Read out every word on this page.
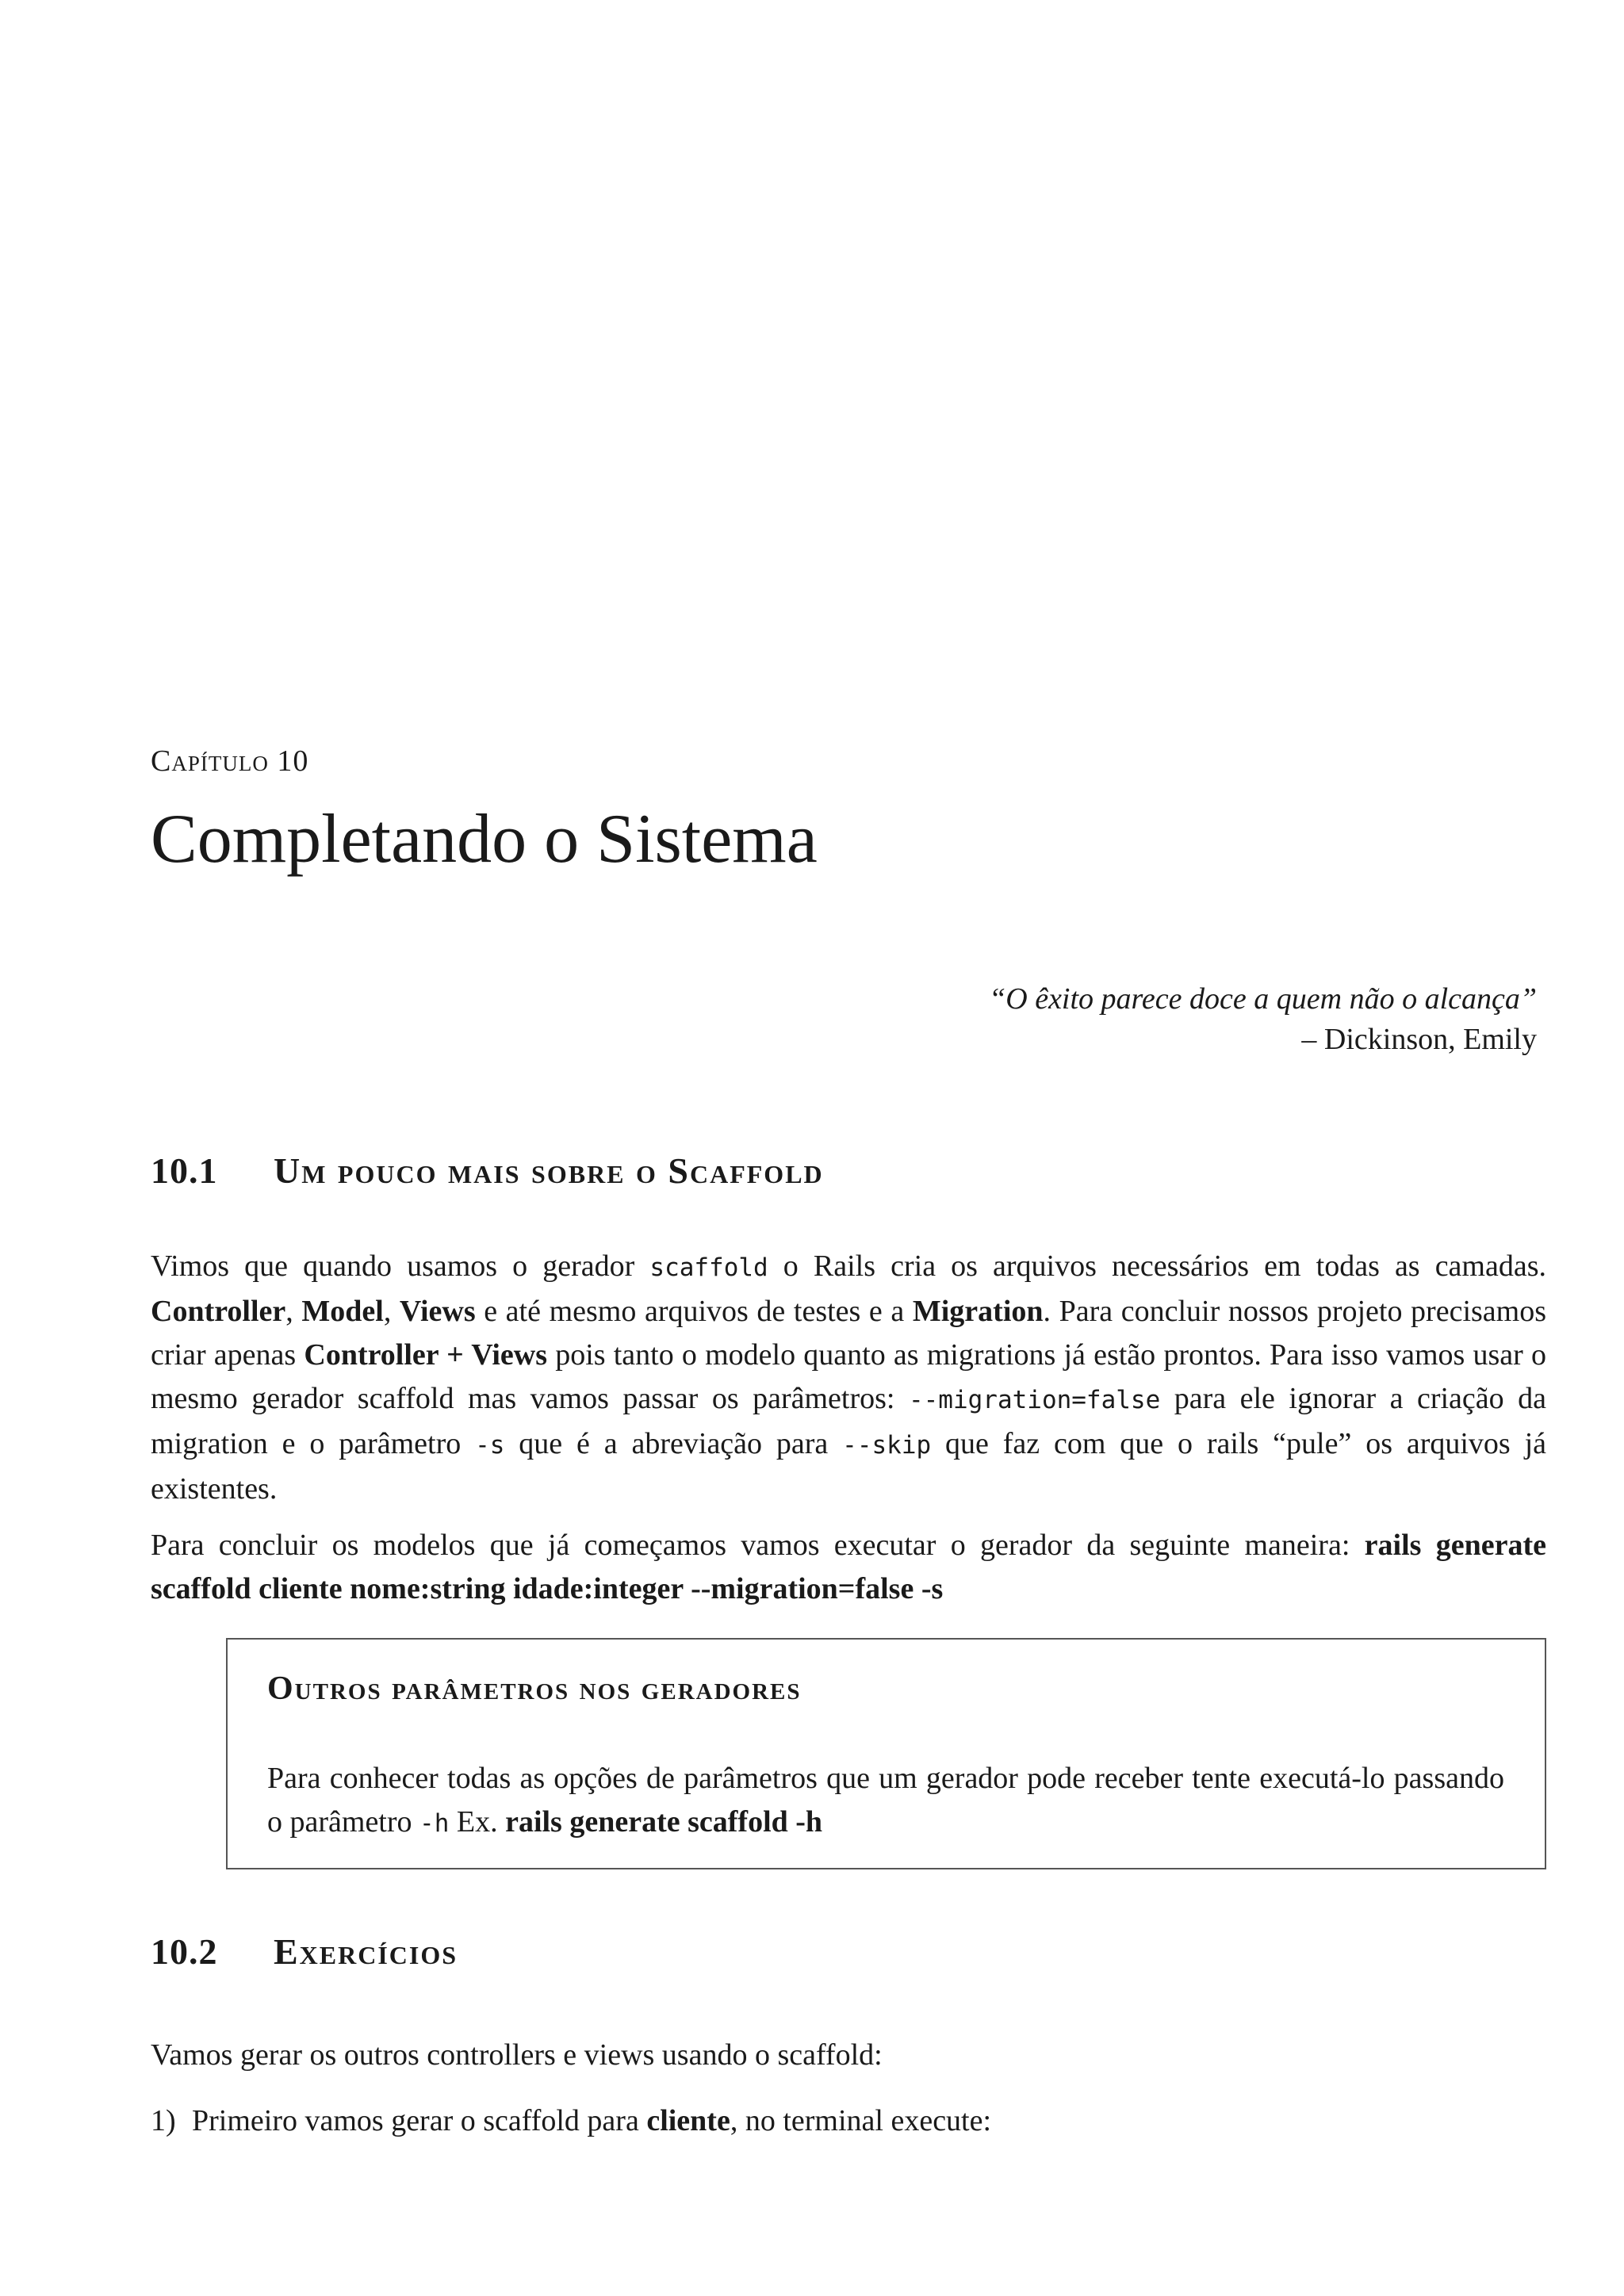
Capítulo 10

Completando o Sistema
“O êxito parece doce a quem não o alcança”
– Dickinson, Emily
10.1 Um pouco mais sobre o Scaffold

Vimos que quando usamos o gerador scaffold o Rails cria os arquivos necessários em todas as camadas. Controller, Model, Views e até mesmo arquivos de testes e a Migration. Para concluir nossos projeto precisamos criar apenas Controller + Views pois tanto o modelo quanto as migrations já estão prontos. Para isso vamos usar o mesmo gerador scaffold mas vamos passar os parâmetros: --migration=false para ele ignorar a criação da migration e o parâmetro -s que é a abreviação para --skip que faz com que o rails “pule” os arquivos já existentes.

Para concluir os modelos que já começamos vamos executar o gerador da seguinte maneira: rails generate scaffold cliente nome:string idade:integer --migration=false -s

Outros parâmetros nos geradores

Para conhecer todas as opções de parâmetros que um gerador pode receber tente executá-lo passando o parâmetro -h Ex. rails generate scaffold -h

10.2 Exercícios

Vamos gerar os outros controllers e views usando o scaffold:

1) Primeiro vamos gerar o scaffold para cliente, no terminal execute:
